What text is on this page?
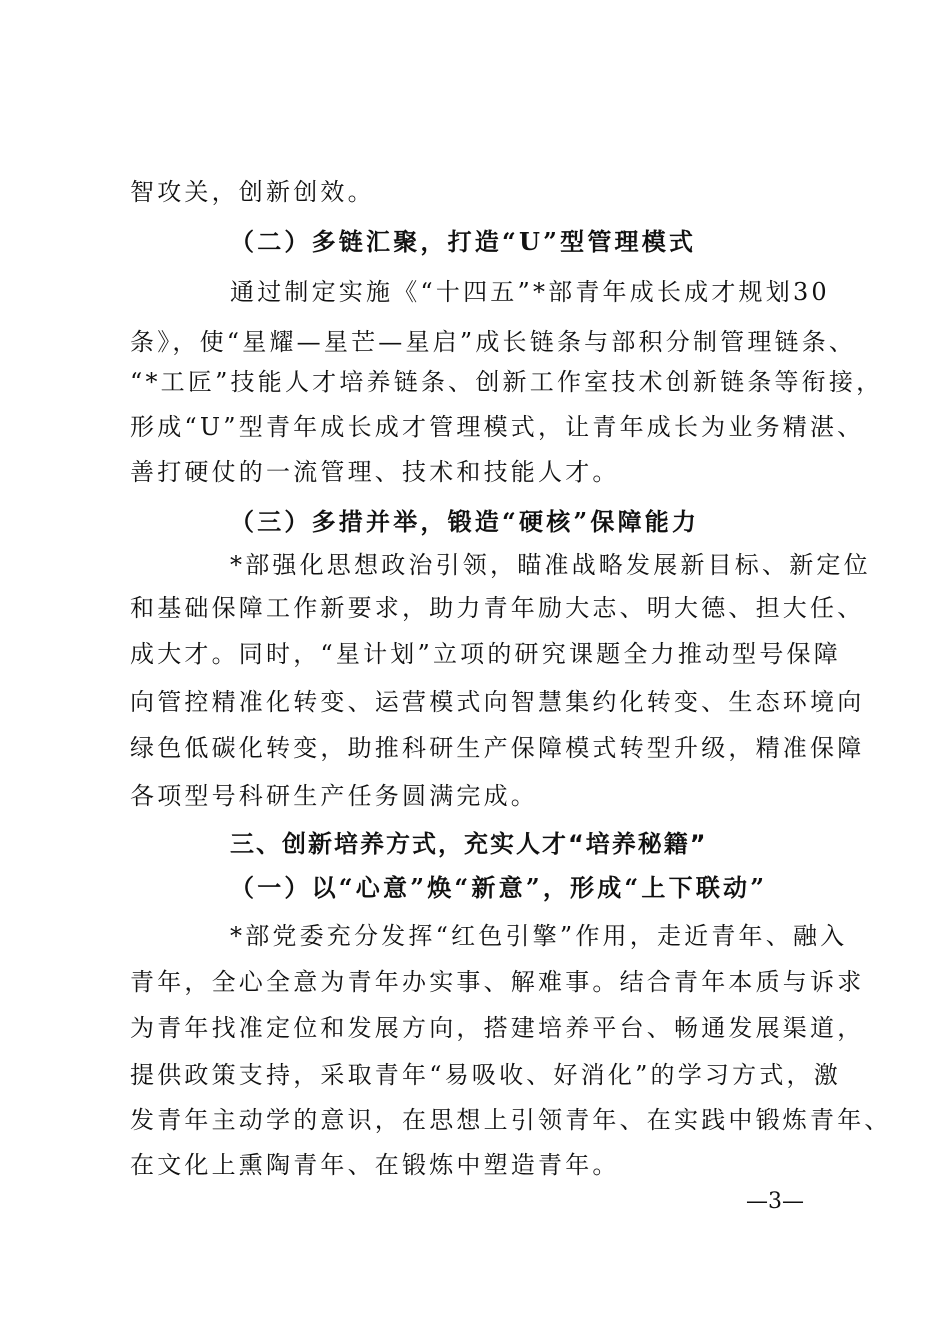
智攻关，创新创效。
（二）多链汇聚，打造“U”型管理模式
通过制定实施《“十四五”*部青年成长成才规划30
条》，使“星耀—星芒—星启”成长链条与部积分制管理链条、
“*工匠”技能人才培养链条、创新工作室技术创新链条等衔接，
形成“U”型青年成长成才管理模式，让青年成长为业务精湛、
善打硬仗的一流管理、技术和技能人才。
（三）多措并举，锻造“硬核”保障能力
*部强化思想政治引领，瞄准战略发展新目标、新定位
和基础保障工作新要求，助力青年励大志、明大德、担大任、
成大才。同时，“星计划”立项的研究课题全力推动型号保障
向管控精准化转变、运营模式向智慧集约化转变、生态环境向
绿色低碳化转变，助推科研生产保障模式转型升级，精准保障
各项型号科研生产任务圆满完成。
三、创新培养方式，充实人才“培养秘籍”
（一）以“心意”焕“新意”，形成“上下联动”
*部党委充分发挥“红色引擎”作用，走近青年、融入
青年，全心全意为青年办实事、解难事。结合青年本质与诉求
为青年找准定位和发展方向，搭建培养平台、畅通发展渠道，
提供政策支持，采取青年“易吸收、好消化”的学习方式，激
发青年主动学的意识，在思想上引领青年、在实践中锻炼青年、
在文化上熏陶青年、在锻炼中塑造青年。
—3—
